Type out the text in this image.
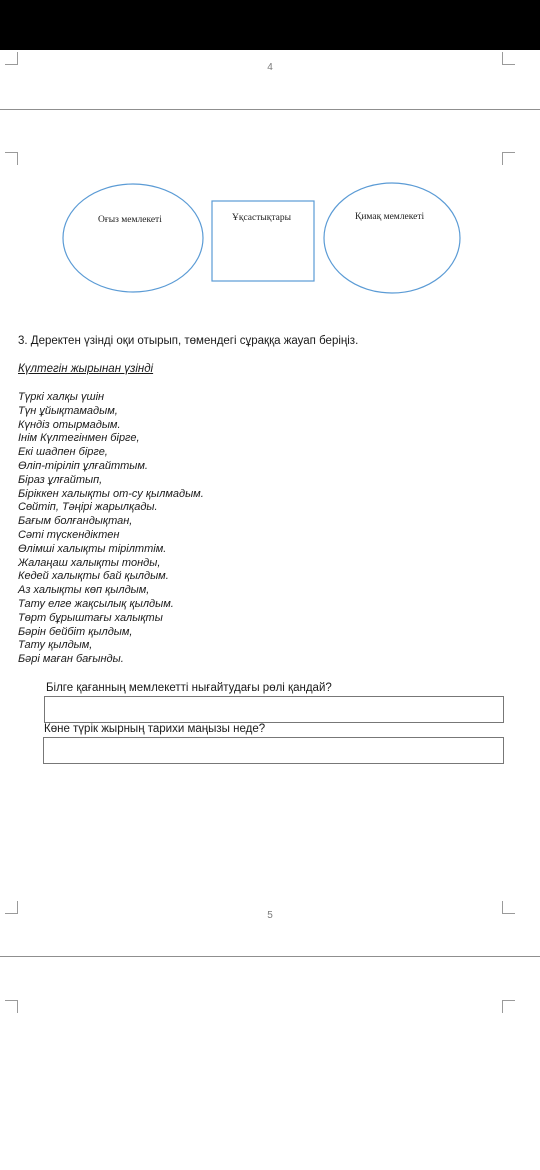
4
Оғыз мемлекеті	Ұқсастықтары	Қимақ мемлекеті
3. Деректен үзінді оқи отырып, төмендегі сұраққа жауап беріңіз.
Күлтегін жырынан үзінді
Түркі халқы үшін
Түн ұйықтамадым,
Күндіз отырмадым.
Інім Күлтегінмен бірге,
Екі шадпен бірге,
Өліп-тіріліп ұлғайттым.
Біраз ұлғайтып,
Біріккен халықты от-су қылмадым.
Сөйтіп, Тәңірі жарылқады.
Бағым болғандықтан,
Сәті түскендіктен
Өлімші халықты тірілттім.
Жалаңаш халықты тонды,
Кедей халықты бай қылдым.
Аз халықты көп қылдым,
Тату елге жақсылық қылдым.
Төрт бұрыштағы халықты
Бәрін бейбіт қылдым,
Тату қылдым,
Бәрі маған бағынды.
Білге қағанның мемлекетті нығайтудағы рөлі қандай?
Көне түрік жырның тарихи маңызы неде?
5
